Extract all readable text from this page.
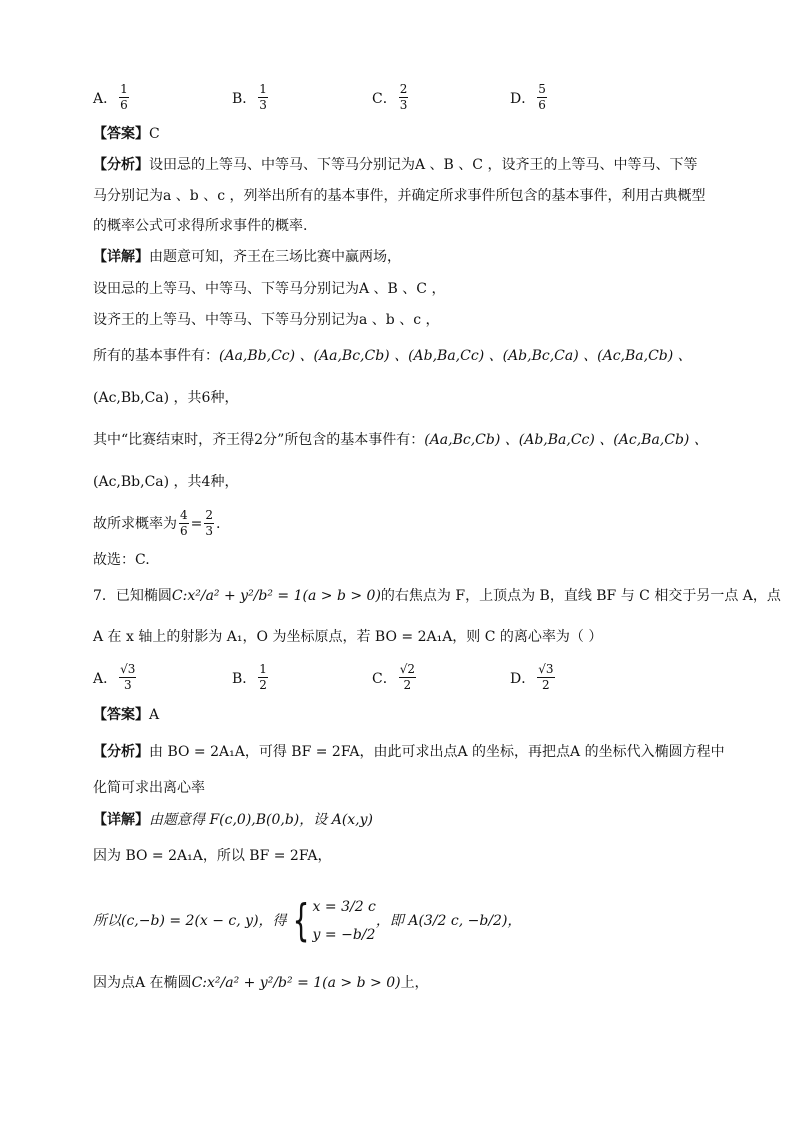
A． $\frac{1}{6}$	B． $\frac{1}{3}$	C． $\frac{2}{3}$	D． $\frac{5}{6}$
【答案】C
【分析】设田忌的上等马、中等马、下等马分别记为A 、B 、C ，设齐王的上等马、中等马、下等
马分别记为a 、b 、c ，列举出所有的基本事件，并确定所求事件所包含的基本事件，利用古典概型
的概率公式可求得所求事件的概率.
【详解】由题意可知，齐王在三场比赛中赢两场，
设田忌的上等马、中等马、下等马分别记为A 、B 、C ，
设齐王的上等马、中等马、下等马分别记为a 、b 、c ，
所有的基本事件有：(Aa,Bb,Cc) 、(Aa,Bc,Cb) 、(Ab,Ba,Cc) 、(Ab,Bc,Ca) 、(Ac,Ba,Cb) 、
(Ac,Bb,Ca) ，共6种，
其中“比赛结束时，齐王得2分”所包含的基本事件有：(Aa,Bc,Cb) 、(Ab,Ba,Cc) 、(Ac,Ba,Cb) 、
(Ac,Bb,Ca) ，共4种，
故所求概率为 $\frac{4}{6} = \frac{2}{3}$ .
故选：C.
7．已知椭圆C:x²/a² + y²/b² = 1(a > b > 0)的右焦点为 F，上顶点为 B，直线 BF 与 C 相交于另一点 A，点
A 在 x 轴上的射影为 A₁，O 为坐标原点，若 BO = 2A₁A，则 C 的离心率为（ ）
A． $\frac{√3}{3}$	B． $\frac{1}{2}$	C． $\frac{√2}{2}$	D． $\frac{√3}{2}$
【答案】A
【分析】由 BO = 2A₁A，可得 BF = 2FA，由此可求出点A 的坐标，再把点A 的坐标代入椭圆方程中
化简可求出离心率
【详解】由题意得 F(c,0),B(0,b)，设 A(x,y)
因为 BO = 2A₁A，所以 BF = 2FA，
所以(c,−b) = 2(x − c, y)，得 { x = 3/2 c
y = −b/2
，即 A(3/2 c, −b/2)，
因为点A 在椭圆C:x²/a² + y²/b² = 1(a > b > 0)上，
